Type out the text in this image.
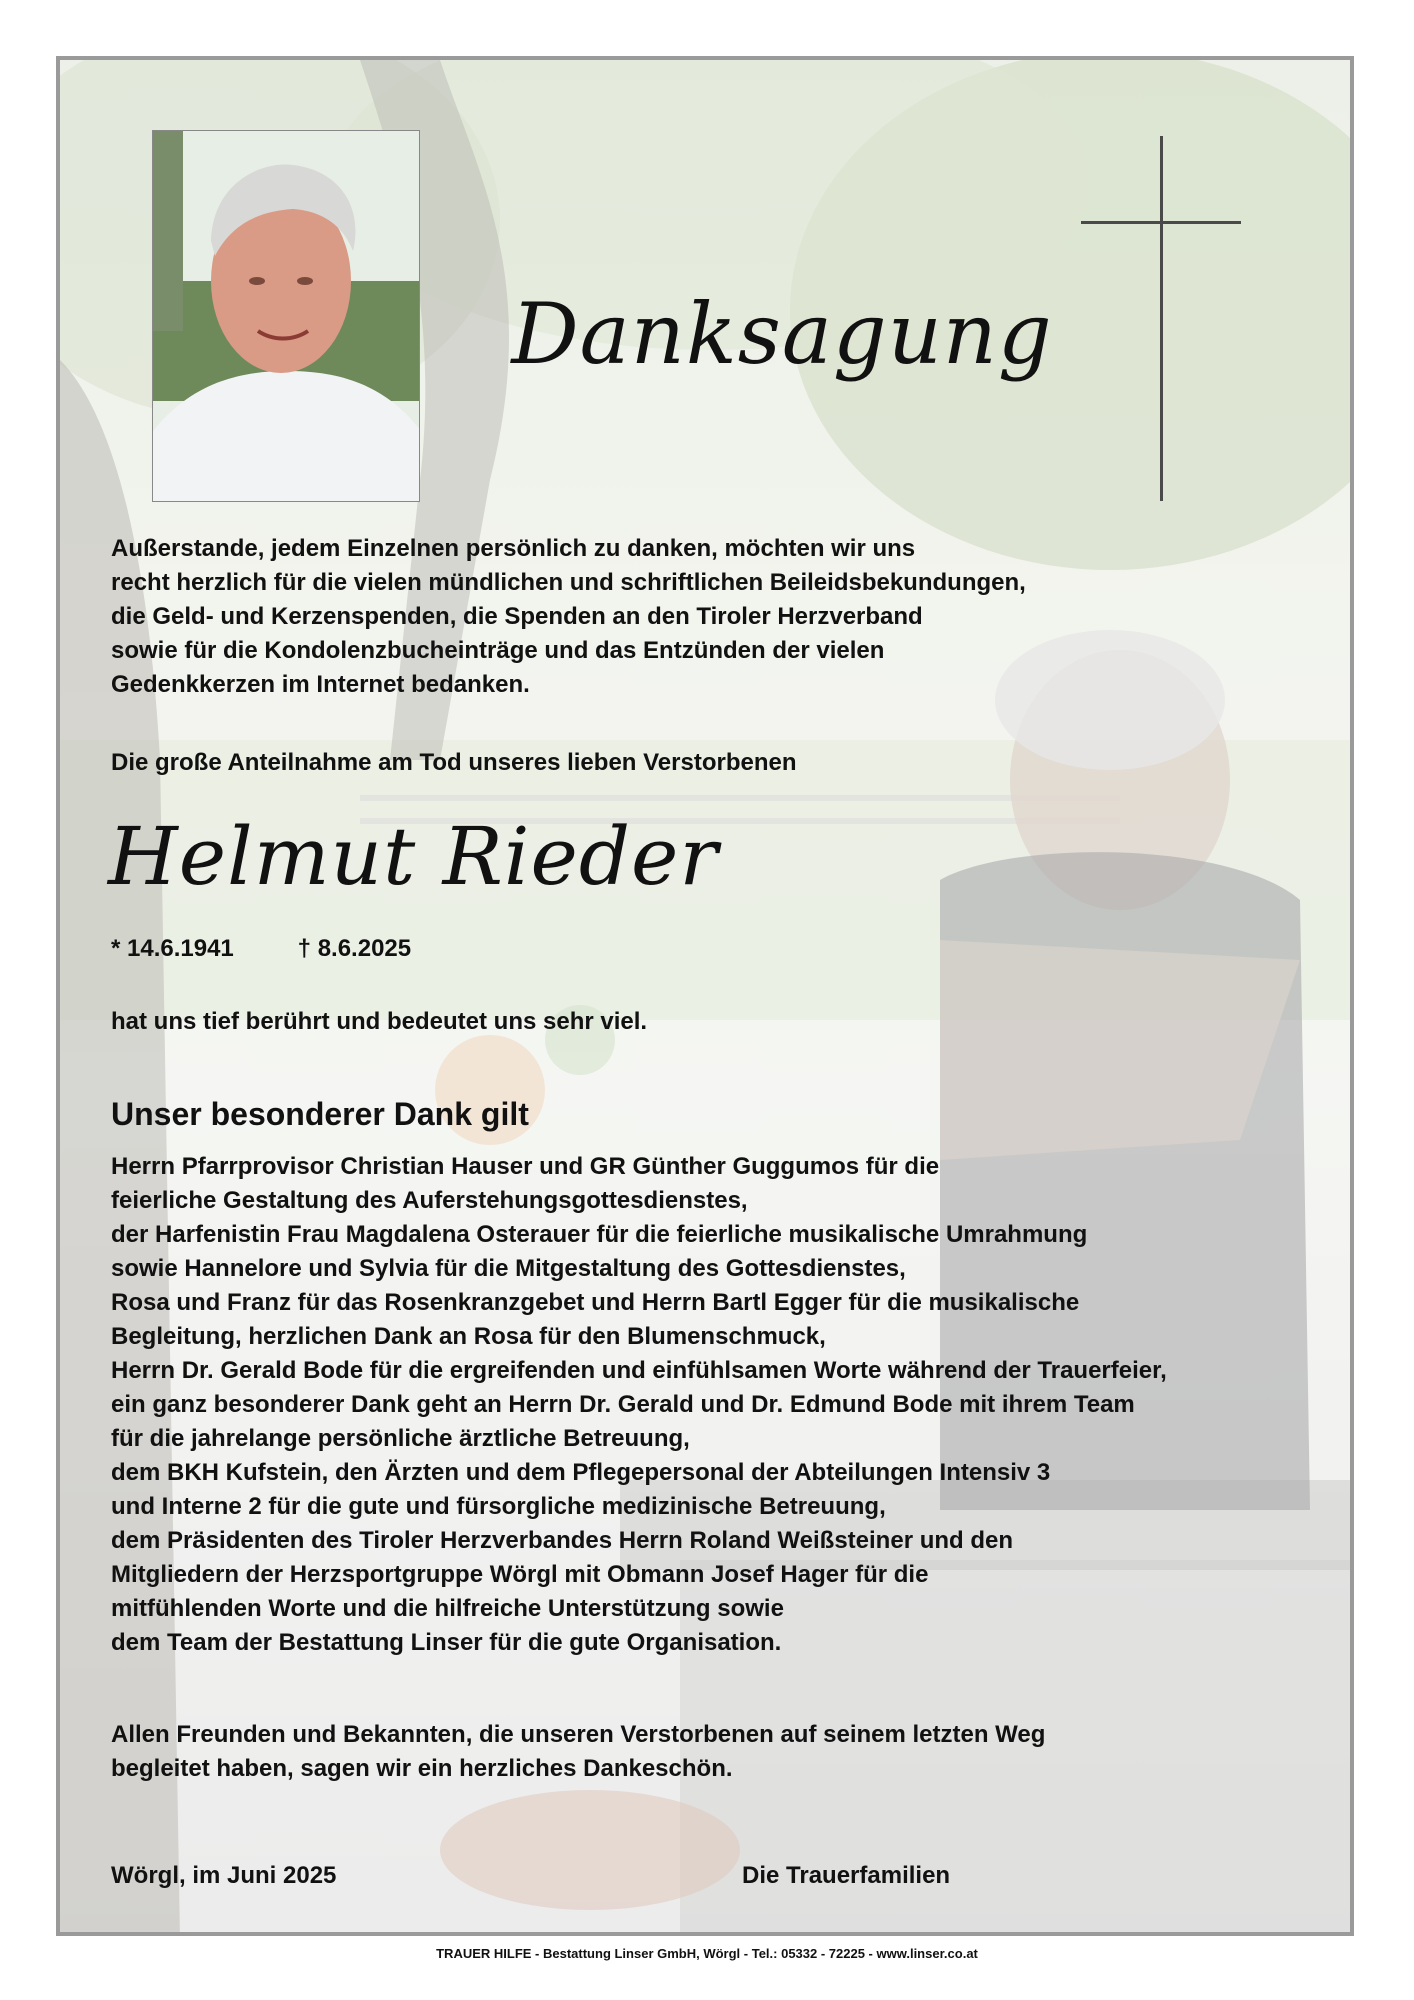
Danksagung

Außerstande, jedem Einzelnen persönlich zu danken, möchten wir uns
recht herzlich für die vielen mündlichen und schriftlichen Beileidsbekundungen,
die Geld- und Kerzenspenden, die Spenden an den Tiroler Herzverband
sowie für die Kondolenzbucheinträge und das Entzünden der vielen
Gedenkkerzen im Internet bedanken.

Die große Anteilnahme am Tod unseres lieben Verstorbenen

Helmut Rieder
* 14.6.1941	† 8.6.2025

hat uns tief berührt und bedeutet uns sehr viel.

Unser besonderer Dank gilt

Herrn Pfarrprovisor Christian Hauser und GR Günther Guggumos für die
feierliche Gestaltung des Auferstehungsgottesdienstes,
der Harfenistin Frau Magdalena Osterauer für die feierliche musikalische Umrahmung
sowie Hannelore und Sylvia für die Mitgestaltung des Gottesdienstes,
Rosa und Franz für das Rosenkranzgebet und Herrn Bartl Egger für die musikalische
Begleitung, herzlichen Dank an Rosa für den Blumenschmuck,
Herrn Dr. Gerald Bode für die ergreifenden und einfühlsamen Worte während der Trauerfeier,
ein ganz besonderer Dank geht an Herrn Dr. Gerald und Dr. Edmund Bode mit ihrem Team
für die jahrelange persönliche ärztliche Betreuung,
dem BKH Kufstein, den Ärzten und dem Pflegepersonal der Abteilungen Intensiv 3
und Interne 2 für die gute und fürsorgliche medizinische Betreuung,
dem Präsidenten des Tiroler Herzverbandes Herrn Roland Weißsteiner und den
Mitgliedern der Herzsportgruppe Wörgl mit Obmann Josef Hager für die
mitfühlenden Worte und die hilfreiche Unterstützung sowie
dem Team der Bestattung Linser für die gute Organisation.

Allen Freunden und Bekannten, die unseren Verstorbenen auf seinem letzten Weg
begleitet haben, sagen wir ein herzliches Dankeschön.

Wörgl, im Juni 2025	Die Trauerfamilien
TRAUER HILFE - Bestattung Linser GmbH, Wörgl - Tel.: 05332 - 72225 - www.linser.co.at
